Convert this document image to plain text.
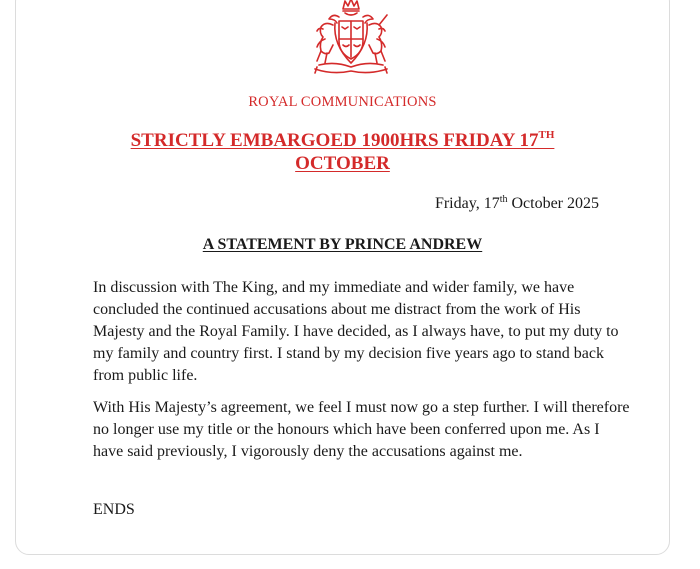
ROYAL COMMUNICATIONS
STRICTLY EMBARGOED 1900HRS FRIDAY 17TH
OCTOBER
Friday, 17th October 2025
A STATEMENT BY PRINCE ANDREW

In discussion with The King, and my immediate and wider family, we have concluded the continued accusations about me distract from the work of His Majesty and the Royal Family. I have decided, as I always have, to put my duty to my family and country first. I stand by my decision five years ago to stand back from public life.

With His Majesty’s agreement, we feel I must now go a step further. I will therefore no longer use my title or the honours which have been conferred upon me. As I have said previously, I vigorously deny the accusations against me.

ENDS
